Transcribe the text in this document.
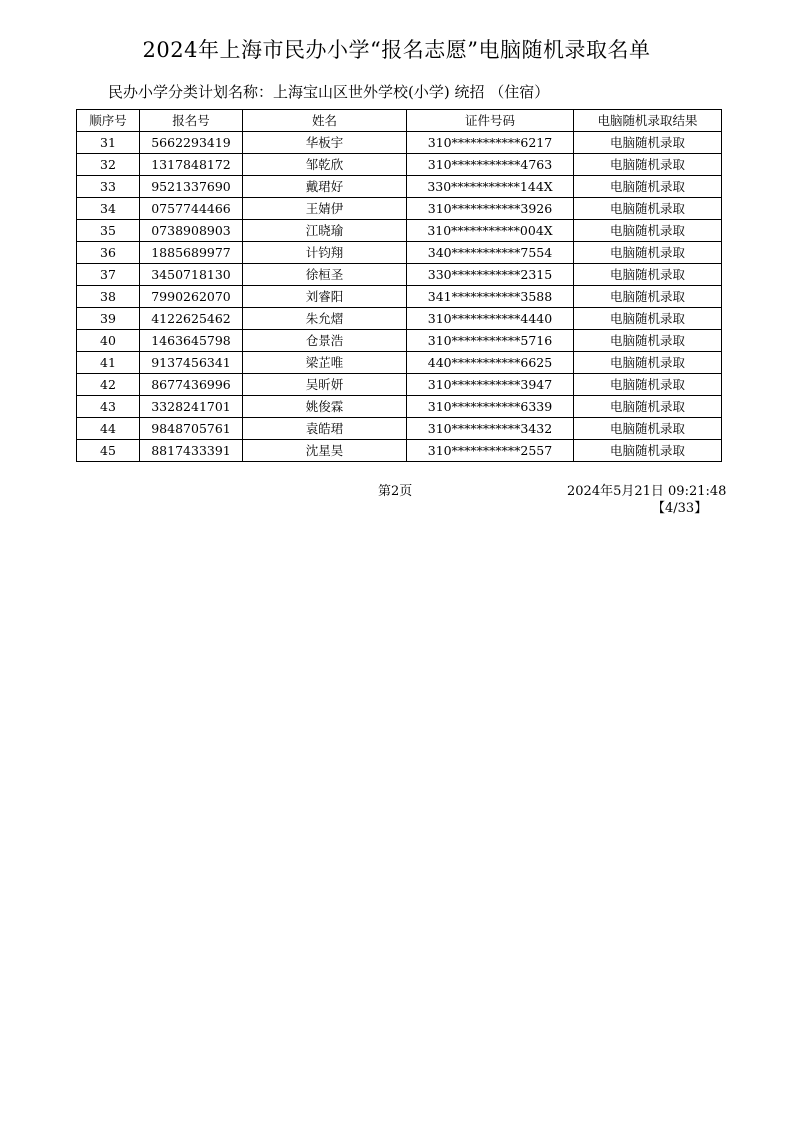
2024年上海市民办小学“报名志愿”电脑随机录取名单
民办小学分类计划名称：上海宝山区世外学校(小学) 统招 （住宿）
顺序号	报名号	姓名	证件号码	电脑随机录取结果
31	5662293419	华板宇	310***********6217	电脑随机录取
32	1317848172	邹乾欣	310***********4763	电脑随机录取
33	9521337690	戴珺好	330***********144X	电脑随机录取
34	0757744466	王婧伊	310***********3926	电脑随机录取
35	0738908903	江晓瑜	310***********004X	电脑随机录取
36	1885689977	计钧翔	340***********7554	电脑随机录取
37	3450718130	徐桓圣	330***********2315	电脑随机录取
38	7990262070	刘睿阳	341***********3588	电脑随机录取
39	4122625462	朱允熠	310***********4440	电脑随机录取
40	1463645798	仓景浩	310***********5716	电脑随机录取
41	9137456341	梁芷唯	440***********6625	电脑随机录取
42	8677436996	吴昕妍	310***********3947	电脑随机录取
43	3328241701	姚俊霖	310***********6339	电脑随机录取
44	9848705761	袁皓珺	310***********3432	电脑随机录取
45	8817433391	沈星昊	310***********2557	电脑随机录取
第2页	2024年5月21日 09:21:48
【4/33】
